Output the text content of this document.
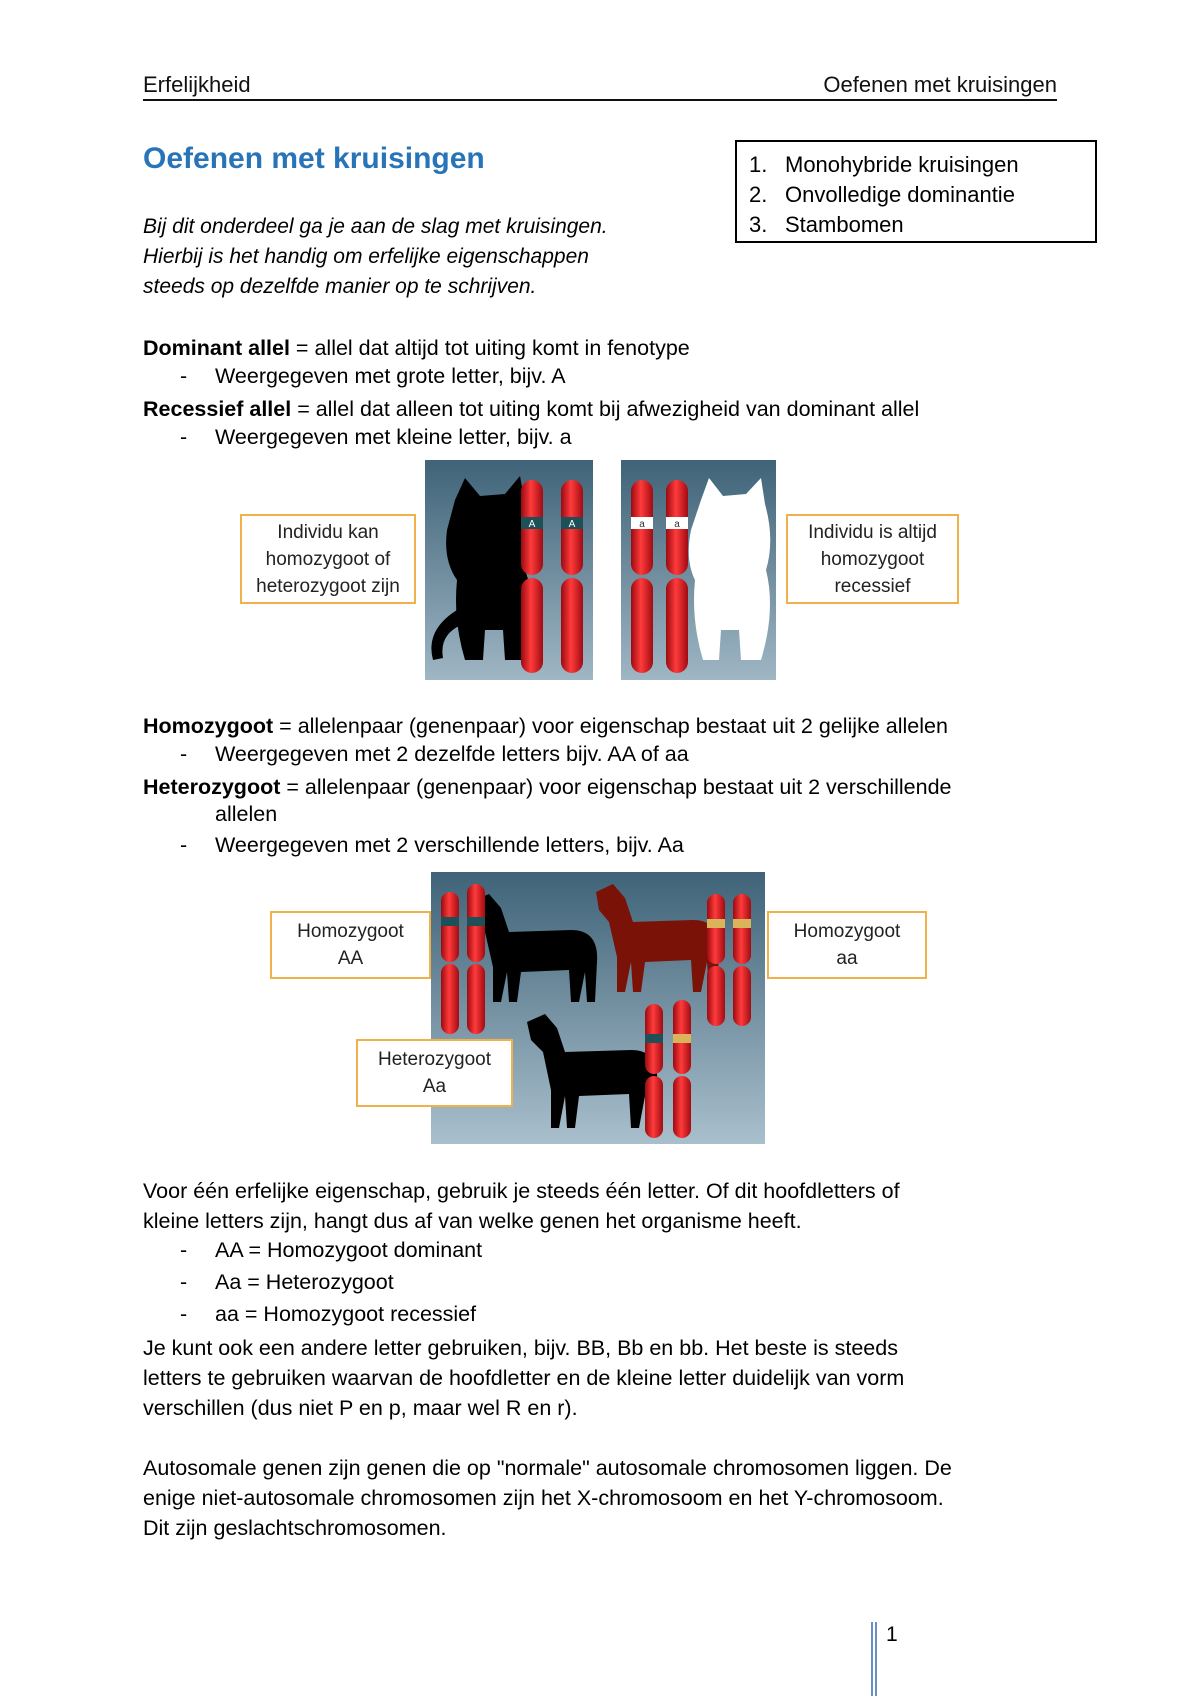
Erfelijkheid	Oefenen met kruisingen
Oefenen met kruisingen	1. Monohybride kruisingen
2. Onvolledige dominantie
3. Stambomen
Bij dit onderdeel ga je aan de slag met kruisingen.
Hierbij is het handig om erfelijke eigenschappen
steeds op dezelfde manier op te schrijven.
Dominant allel = allel dat altijd tot uiting komt in fenotype
- Weergegeven met grote letter, bijv. A
Recessief allel = allel dat alleen tot uiting komt bij afwezigheid van dominant allel
- Weergegeven met kleine letter, bijv. a
A	A	a	a
Individu kan
homozygoot of
heterozygoot zijn
Individu is altijd
homozygoot
recessief
Homozygoot = allelenpaar (genenpaar) voor eigenschap bestaat uit 2 gelijke allelen
- Weergegeven met 2 dezelfde letters bijv. AA of aa
Heterozygoot = allelenpaar (genenpaar) voor eigenschap bestaat uit 2 verschillende
allelen
- Weergegeven met 2 verschillende letters, bijv. Aa
Homozygoot
AA
Homozygoot
aa
Heterozygoot
Aa
Voor één erfelijke eigenschap, gebruik je steeds één letter. Of dit hoofdletters of
kleine letters zijn, hangt dus af van welke genen het organisme heeft.
- AA = Homozygoot dominant
- Aa = Heterozygoot
- aa = Homozygoot recessief
Je kunt ook een andere letter gebruiken, bijv. BB, Bb en bb. Het beste is steeds
letters te gebruiken waarvan de hoofdletter en de kleine letter duidelijk van vorm
verschillen (dus niet P en p, maar wel R en r).
Autosomale genen zijn genen die op "normale" autosomale chromosomen liggen. De
enige niet-autosomale chromosomen zijn het X-chromosoom en het Y-chromosoom.
Dit zijn geslachtschromosomen.
1
